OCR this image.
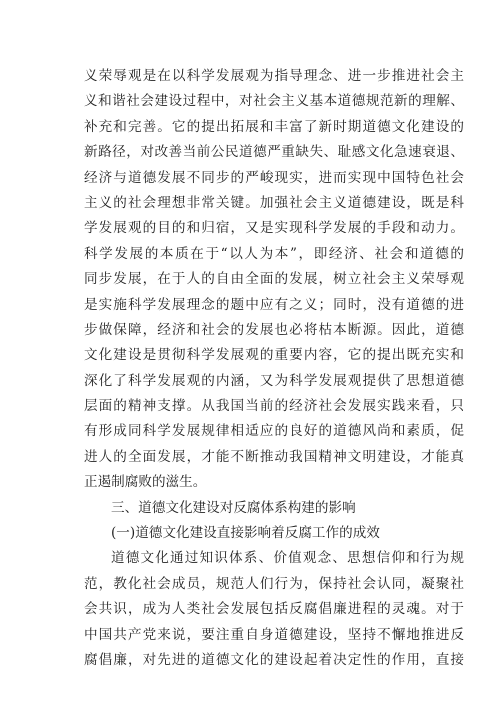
义荣辱观是在以科学发展观为指导理念、进一步推进社会主
义和谐社会建设过程中，对社会主义基本道德规范新的理解、
补充和完善。它的提出拓展和丰富了新时期道德文化建设的
新路径，对改善当前公民道德严重缺失、耻感文化急速衰退、
经济与道德发展不同步的严峻现实，进而实现中国特色社会
主义的社会理想非常关键。加强社会主义道德建设，既是科
学发展观的目的和归宿，又是实现科学发展的手段和动力。
科学发展的本质在于“以人为本”，即经济、社会和道德的
同步发展，在于人的自由全面的发展，树立社会主义荣辱观
是实施科学发展理念的题中应有之义；同时，没有道德的进
步做保障，经济和社会的发展也必将枯本断源。因此，道德
文化建设是贯彻科学发展观的重要内容，它的提出既充实和
深化了科学发展观的内涵，又为科学发展观提供了思想道德
层面的精神支撑。从我国当前的经济社会发展实践来看，只
有形成同科学发展规律相适应的良好的道德风尚和素质，促
进人的全面发展，才能不断推动我国精神文明建设，才能真
正遏制腐败的滋生。
三、道德文化建设对反腐体系构建的影响
(一)道德文化建设直接影响着反腐工作的成效
道德文化通过知识体系、价值观念、思想信仰和行为规
范，教化社会成员，规范人们行为，保持社会认同，凝聚社
会共识，成为人类社会发展包括反腐倡廉进程的灵魂。对于
中国共产党来说，要注重自身道德建设，坚持不懈地推进反
腐倡廉，对先进的道德文化的建设起着决定性的作用，直接
